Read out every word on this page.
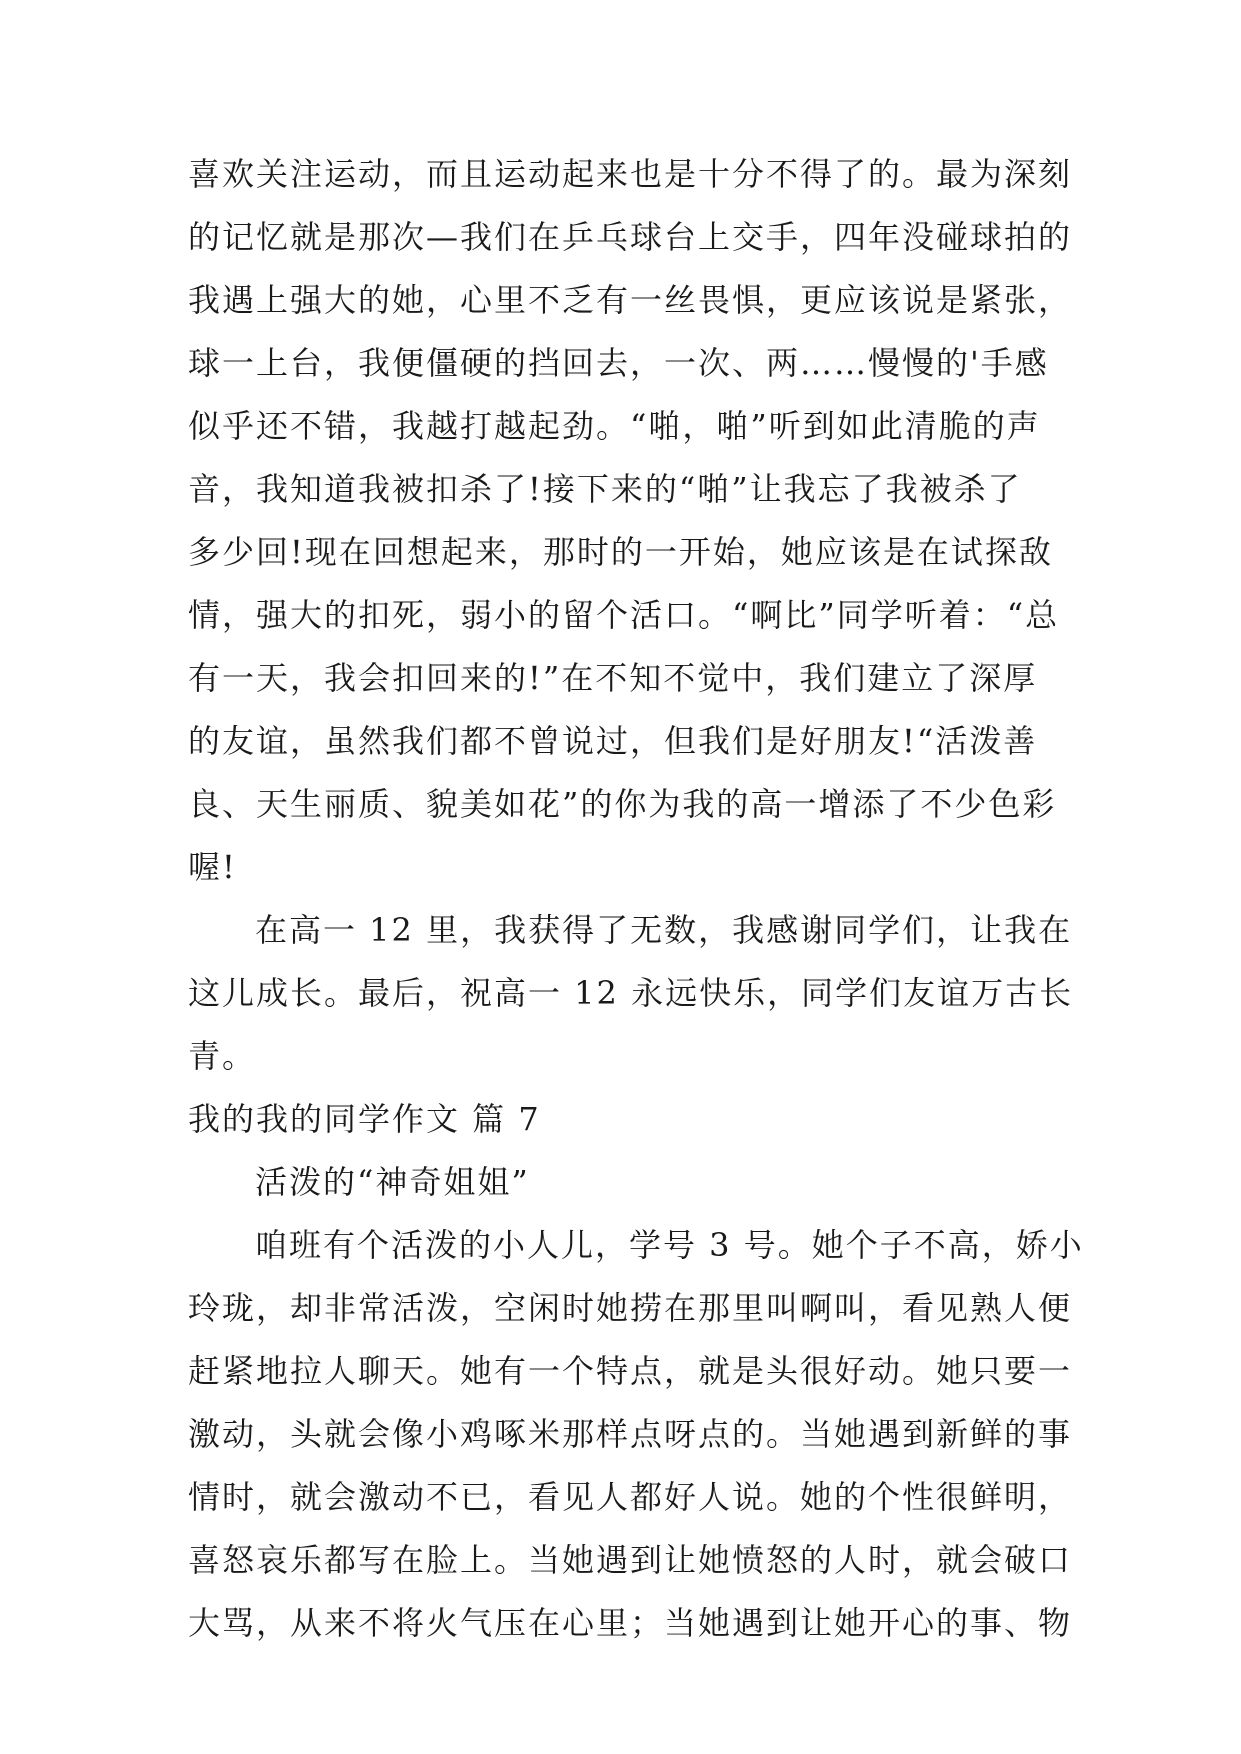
喜欢关注运动，而且运动起来也是十分不得了的。最为深刻
的记忆就是那次—我们在乒乓球台上交手，四年没碰球拍的
我遇上强大的她，心里不乏有一丝畏惧，更应该说是紧张，
球一上台，我便僵硬的挡回去，一次、两……慢慢的'手感
似乎还不错，我越打越起劲。“啪，啪”听到如此清脆的声
音，我知道我被扣杀了!接下来的“啪”让我忘了我被杀了
多少回!现在回想起来，那时的一开始，她应该是在试探敌
情，强大的扣死，弱小的留个活口。“啊比”同学听着：“总
有一天，我会扣回来的!”在不知不觉中，我们建立了深厚
的友谊，虽然我们都不曾说过，但我们是好朋友!“活泼善
良、天生丽质、貌美如花”的你为我的高一增添了不少色彩
喔!
在高一 12 里，我获得了无数，我感谢同学们，让我在
这儿成长。最后，祝高一 12 永远快乐，同学们友谊万古长
青。
我的我的同学作文 篇 7
活泼的“神奇姐姐”
咱班有个活泼的小人儿，学号 3 号。她个子不高，娇小
玲珑，却非常活泼，空闲时她捞在那里叫啊叫，看见熟人便
赶紧地拉人聊天。她有一个特点，就是头很好动。她只要一
激动，头就会像小鸡啄米那样点呀点的。当她遇到新鲜的事
情时，就会激动不已，看见人都好人说。她的个性很鲜明，
喜怒哀乐都写在脸上。当她遇到让她愤怒的人时，就会破口
大骂，从来不将火气压在心里；当她遇到让她开心的事、物
